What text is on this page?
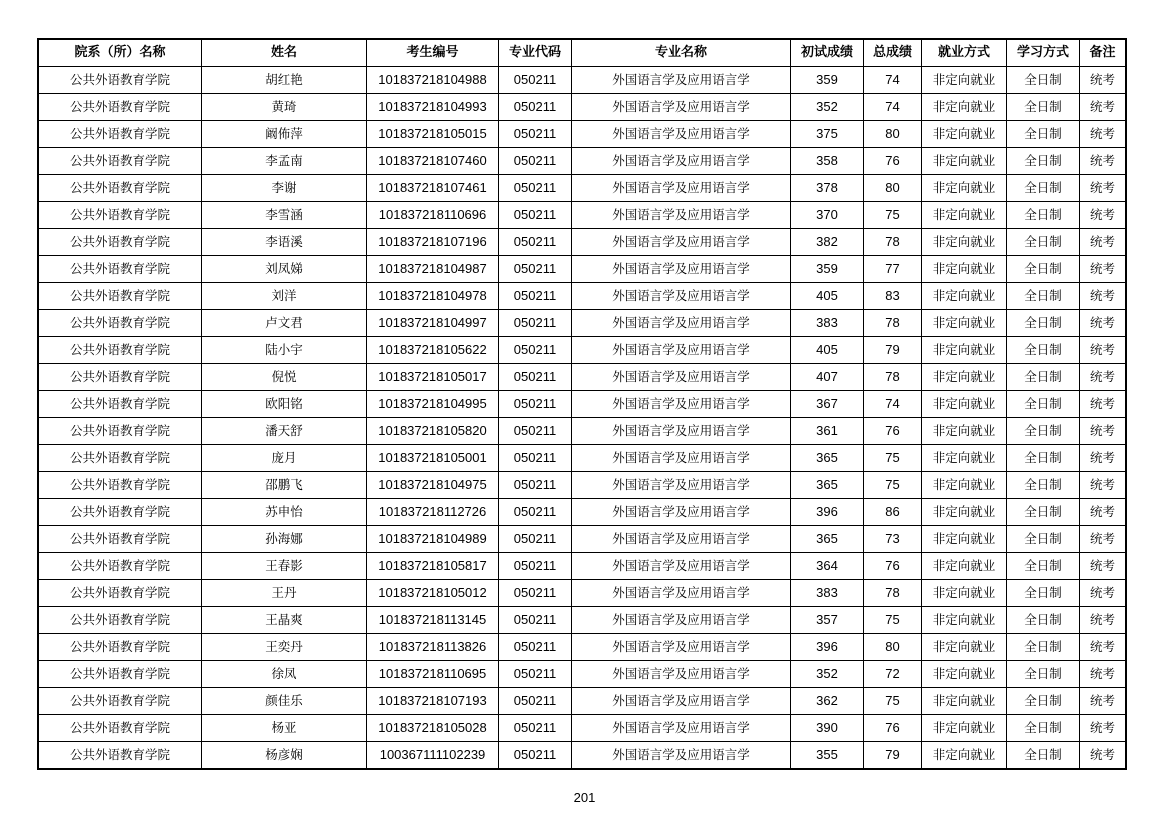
院系（所）名称	姓名	考生编号	专业代码	专业名称	初试成绩	总成绩	就业方式	学习方式	备注
公共外语教育学院	胡红艳	101837218104988	050211	外国语言学及应用语言学	359	74	非定向就业	全日制	统考
公共外语教育学院	黄琦	101837218104993	050211	外国语言学及应用语言学	352	74	非定向就业	全日制	统考
公共外语教育学院	阚佈萍	101837218105015	050211	外国语言学及应用语言学	375	80	非定向就业	全日制	统考
公共外语教育学院	李孟南	101837218107460	050211	外国语言学及应用语言学	358	76	非定向就业	全日制	统考
公共外语教育学院	李谢	101837218107461	050211	外国语言学及应用语言学	378	80	非定向就业	全日制	统考
公共外语教育学院	李雪涵	101837218110696	050211	外国语言学及应用语言学	370	75	非定向就业	全日制	统考
公共外语教育学院	李语溪	101837218107196	050211	外国语言学及应用语言学	382	78	非定向就业	全日制	统考
公共外语教育学院	刘凤娣	101837218104987	050211	外国语言学及应用语言学	359	77	非定向就业	全日制	统考
公共外语教育学院	刘洋	101837218104978	050211	外国语言学及应用语言学	405	83	非定向就业	全日制	统考
公共外语教育学院	卢文君	101837218104997	050211	外国语言学及应用语言学	383	78	非定向就业	全日制	统考
公共外语教育学院	陆小宇	101837218105622	050211	外国语言学及应用语言学	405	79	非定向就业	全日制	统考
公共外语教育学院	倪悦	101837218105017	050211	外国语言学及应用语言学	407	78	非定向就业	全日制	统考
公共外语教育学院	欧阳铭	101837218104995	050211	外国语言学及应用语言学	367	74	非定向就业	全日制	统考
公共外语教育学院	潘天舒	101837218105820	050211	外国语言学及应用语言学	361	76	非定向就业	全日制	统考
公共外语教育学院	庞月	101837218105001	050211	外国语言学及应用语言学	365	75	非定向就业	全日制	统考
公共外语教育学院	邵鹏飞	101837218104975	050211	外国语言学及应用语言学	365	75	非定向就业	全日制	统考
公共外语教育学院	苏申怡	101837218112726	050211	外国语言学及应用语言学	396	86	非定向就业	全日制	统考
公共外语教育学院	孙海娜	101837218104989	050211	外国语言学及应用语言学	365	73	非定向就业	全日制	统考
公共外语教育学院	王春影	101837218105817	050211	外国语言学及应用语言学	364	76	非定向就业	全日制	统考
公共外语教育学院	王丹	101837218105012	050211	外国语言学及应用语言学	383	78	非定向就业	全日制	统考
公共外语教育学院	王晶爽	101837218113145	050211	外国语言学及应用语言学	357	75	非定向就业	全日制	统考
公共外语教育学院	王奕丹	101837218113826	050211	外国语言学及应用语言学	396	80	非定向就业	全日制	统考
公共外语教育学院	徐凤	101837218110695	050211	外国语言学及应用语言学	352	72	非定向就业	全日制	统考
公共外语教育学院	颜佳乐	101837218107193	050211	外国语言学及应用语言学	362	75	非定向就业	全日制	统考
公共外语教育学院	杨亚	101837218105028	050211	外国语言学及应用语言学	390	76	非定向就业	全日制	统考
公共外语教育学院	杨彦娴	100367111102239	050211	外国语言学及应用语言学	355	79	非定向就业	全日制	统考
201
